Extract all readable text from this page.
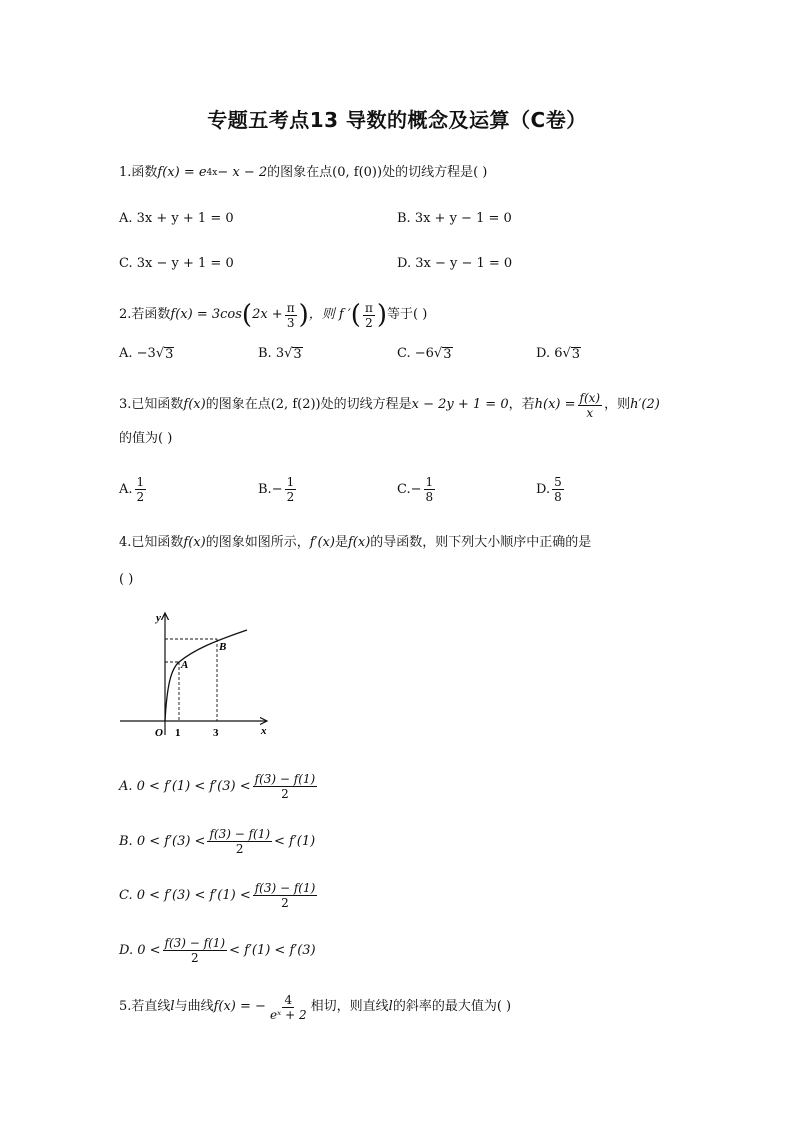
专题五考点13 导数的概念及运算（C卷）
1.函数 f(x) = e 4x − x − 2 的图象在点 (0, f(0)) 处的切线方程是( )
A. 3x + y + 1 = 0	B. 3x + y − 1 = 0
C. 3x − y + 1 = 0	D. 3x − y − 1 = 0
2.若函数 f(x) = 3cos ( $2x + \frac{\pi}{3}$ ) ，则 f ′ ( $\frac{\pi}{2}$ ) 等于( )
A. −3 √ 3	B. 3 √ 3	C. −6 √ 3	D. 6 √ 3
3.已知函数 f(x) 的图象在点 (2, f(2)) 处的切线方程是 x − 2y + 1 = 0 ，若 $h(x) = \frac{f(x)}{x}$ ，则 h′(2)
的值为( )
A. $\frac{1}{2}$	B. − $\frac{1}{2}$	C. − $\frac{1}{8}$	D. $\frac{5}{8}$
4.已知函数 f(x) 的图象如图所示， f′(x) 是 f(x) 的导函数，则下列大小顺序中正确的是
( )
y
x
O 1	3
A
B
A. $0 < f'(1) < f'(3) < \frac{f(3) - f(1)}{2}$
B. $0 < f'(3) < \frac{f(3) - f(1)}{2} < f'(1)$
C. $0 < f'(3) < f'(1) < \frac{f(3) - f(1)}{2}$
D. $0 < \frac{f(3) - f(1)}{2} < f'(1) < f'(3)$
5.若直线 l 与曲线 f(x) = − $\frac{4}{\text{eˣ + 2}}$ 相切，则直线 l 的斜率的最大值为( )
